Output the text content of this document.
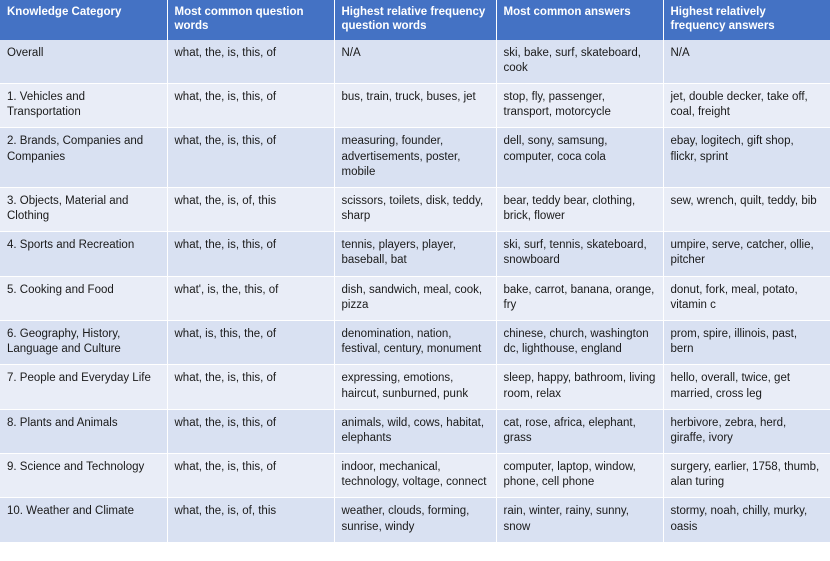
Knowledge Category	Most common question words	Highest relative frequency question words	Most common answers	Highest relatively frequency answers
Overall	what, the, is, this, of	N/A	ski, bake, surf, skateboard, cook	N/A
1. Vehicles and Transportation	what, the, is, this, of	bus, train, truck, buses, jet	stop, fly, passenger, transport, motorcycle	jet, double decker, take off, coal, freight
2. Brands, Companies and Companies	what, the, is, this, of	measuring, founder, advertisements, poster, mobile	dell, sony, samsung, computer, coca cola	ebay, logitech, gift shop, flickr, sprint
3. Objects, Material and Clothing	what, the, is, of, this	scissors, toilets, disk, teddy, sharp	bear, teddy bear, clothing, brick, flower	sew, wrench, quilt, teddy, bib
4. Sports and Recreation	what, the, is, this, of	tennis, players, player, baseball, bat	ski, surf, tennis, skateboard, snowboard	umpire, serve, catcher, ollie, pitcher
5. Cooking and Food	what', is, the, this, of	dish, sandwich, meal, cook, pizza	bake, carrot, banana, orange, fry	donut, fork, meal, potato, vitamin c
6. Geography, History, Language and Culture	what, is, this, the, of	denomination, nation, festival, century, monument	chinese, church, washington dc, lighthouse, england	prom, spire, illinois, past, bern
7. People and Everyday Life	what, the, is, this, of	expressing, emotions, haircut, sunburned, punk	sleep, happy, bathroom, living room, relax	hello, overall, twice, get married, cross leg
8. Plants and Animals	what, the, is, this, of	animals, wild, cows, habitat, elephants	cat, rose, africa, elephant, grass	herbivore, zebra, herd, giraffe, ivory
9. Science and Technology	what, the, is, this, of	indoor, mechanical, technology, voltage, connect	computer, laptop, window, phone, cell phone	surgery, earlier, 1758, thumb, alan turing
10. Weather and Climate	what, the, is, of, this	weather, clouds, forming, sunrise, windy	rain, winter, rainy, sunny, snow	stormy, noah, chilly, murky, oasis
